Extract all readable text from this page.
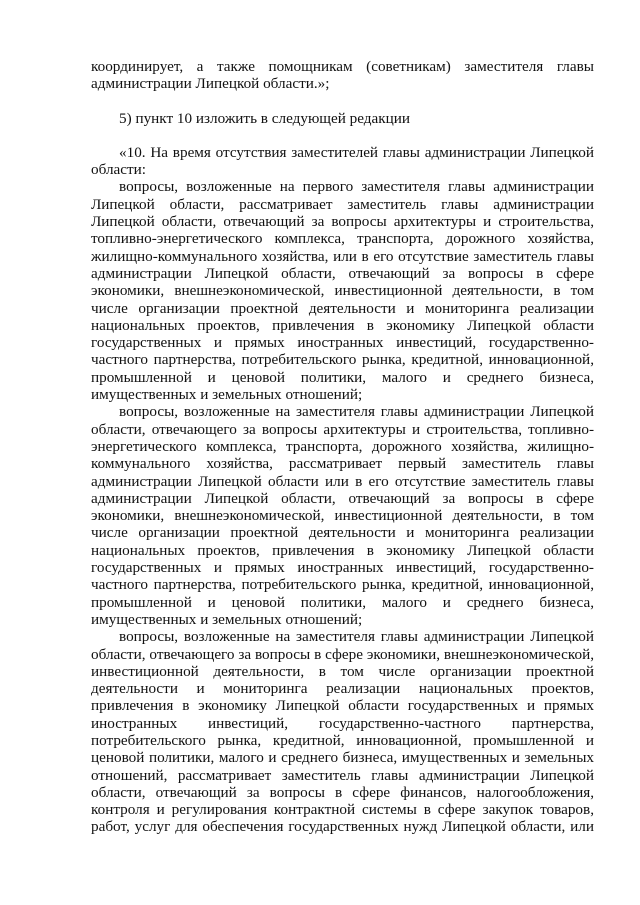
координирует, а также помощникам (советникам) заместителя главы

администрации Липецкой области.»;

5) пункт 10 изложить в следующей редакции

«10. На время отсутствия заместителей главы администрации Липецкой

области:

вопросы, возложенные на первого заместителя главы администрации

Липецкой области, рассматривает заместитель главы администрации

Липецкой области, отвечающий за вопросы архитектуры и строительства,

топливно-энергетического комплекса, транспорта, дорожного хозяйства,

жилищно-коммунального хозяйства, или в его отсутствие заместитель главы

администрации Липецкой области, отвечающий за вопросы в сфере

экономики, внешнеэкономической, инвестиционной деятельности, в том

числе организации проектной деятельности и мониторинга реализации

национальных проектов, привлечения в экономику Липецкой области

государственных и прямых иностранных инвестиций, государственно-

частного партнерства, потребительского рынка, кредитной, инновационной,

промышленной и ценовой политики, малого и среднего бизнеса,

имущественных и земельных отношений;

вопросы, возложенные на заместителя главы администрации Липецкой

области, отвечающего за вопросы архитектуры и строительства, топливно-

энергетического комплекса, транспорта, дорожного хозяйства, жилищно-

коммунального хозяйства, рассматривает первый заместитель главы

администрации Липецкой области или в его отсутствие заместитель главы

администрации Липецкой области, отвечающий за вопросы в сфере

экономики, внешнеэкономической, инвестиционной деятельности, в том

числе организации проектной деятельности и мониторинга реализации

национальных проектов, привлечения в экономику Липецкой области

государственных и прямых иностранных инвестиций, государственно-

частного партнерства, потребительского рынка, кредитной, инновационной,

промышленной и ценовой политики, малого и среднего бизнеса,

имущественных и земельных отношений;

вопросы, возложенные на заместителя главы администрации Липецкой

области, отвечающего за вопросы в сфере экономики, внешнеэкономической,

инвестиционной деятельности, в том числе организации проектной

деятельности и мониторинга реализации национальных проектов,

привлечения в экономику Липецкой области государственных и прямых

иностранных инвестиций, государственно-частного партнерства,

потребительского рынка, кредитной, инновационной, промышленной и

ценовой политики, малого и среднего бизнеса, имущественных и земельных

отношений, рассматривает заместитель главы администрации Липецкой

области, отвечающий за вопросы в сфере финансов, налогообложения,

контроля и регулирования контрактной системы в сфере закупок товаров,

работ, услуг для обеспечения государственных нужд Липецкой области, или
